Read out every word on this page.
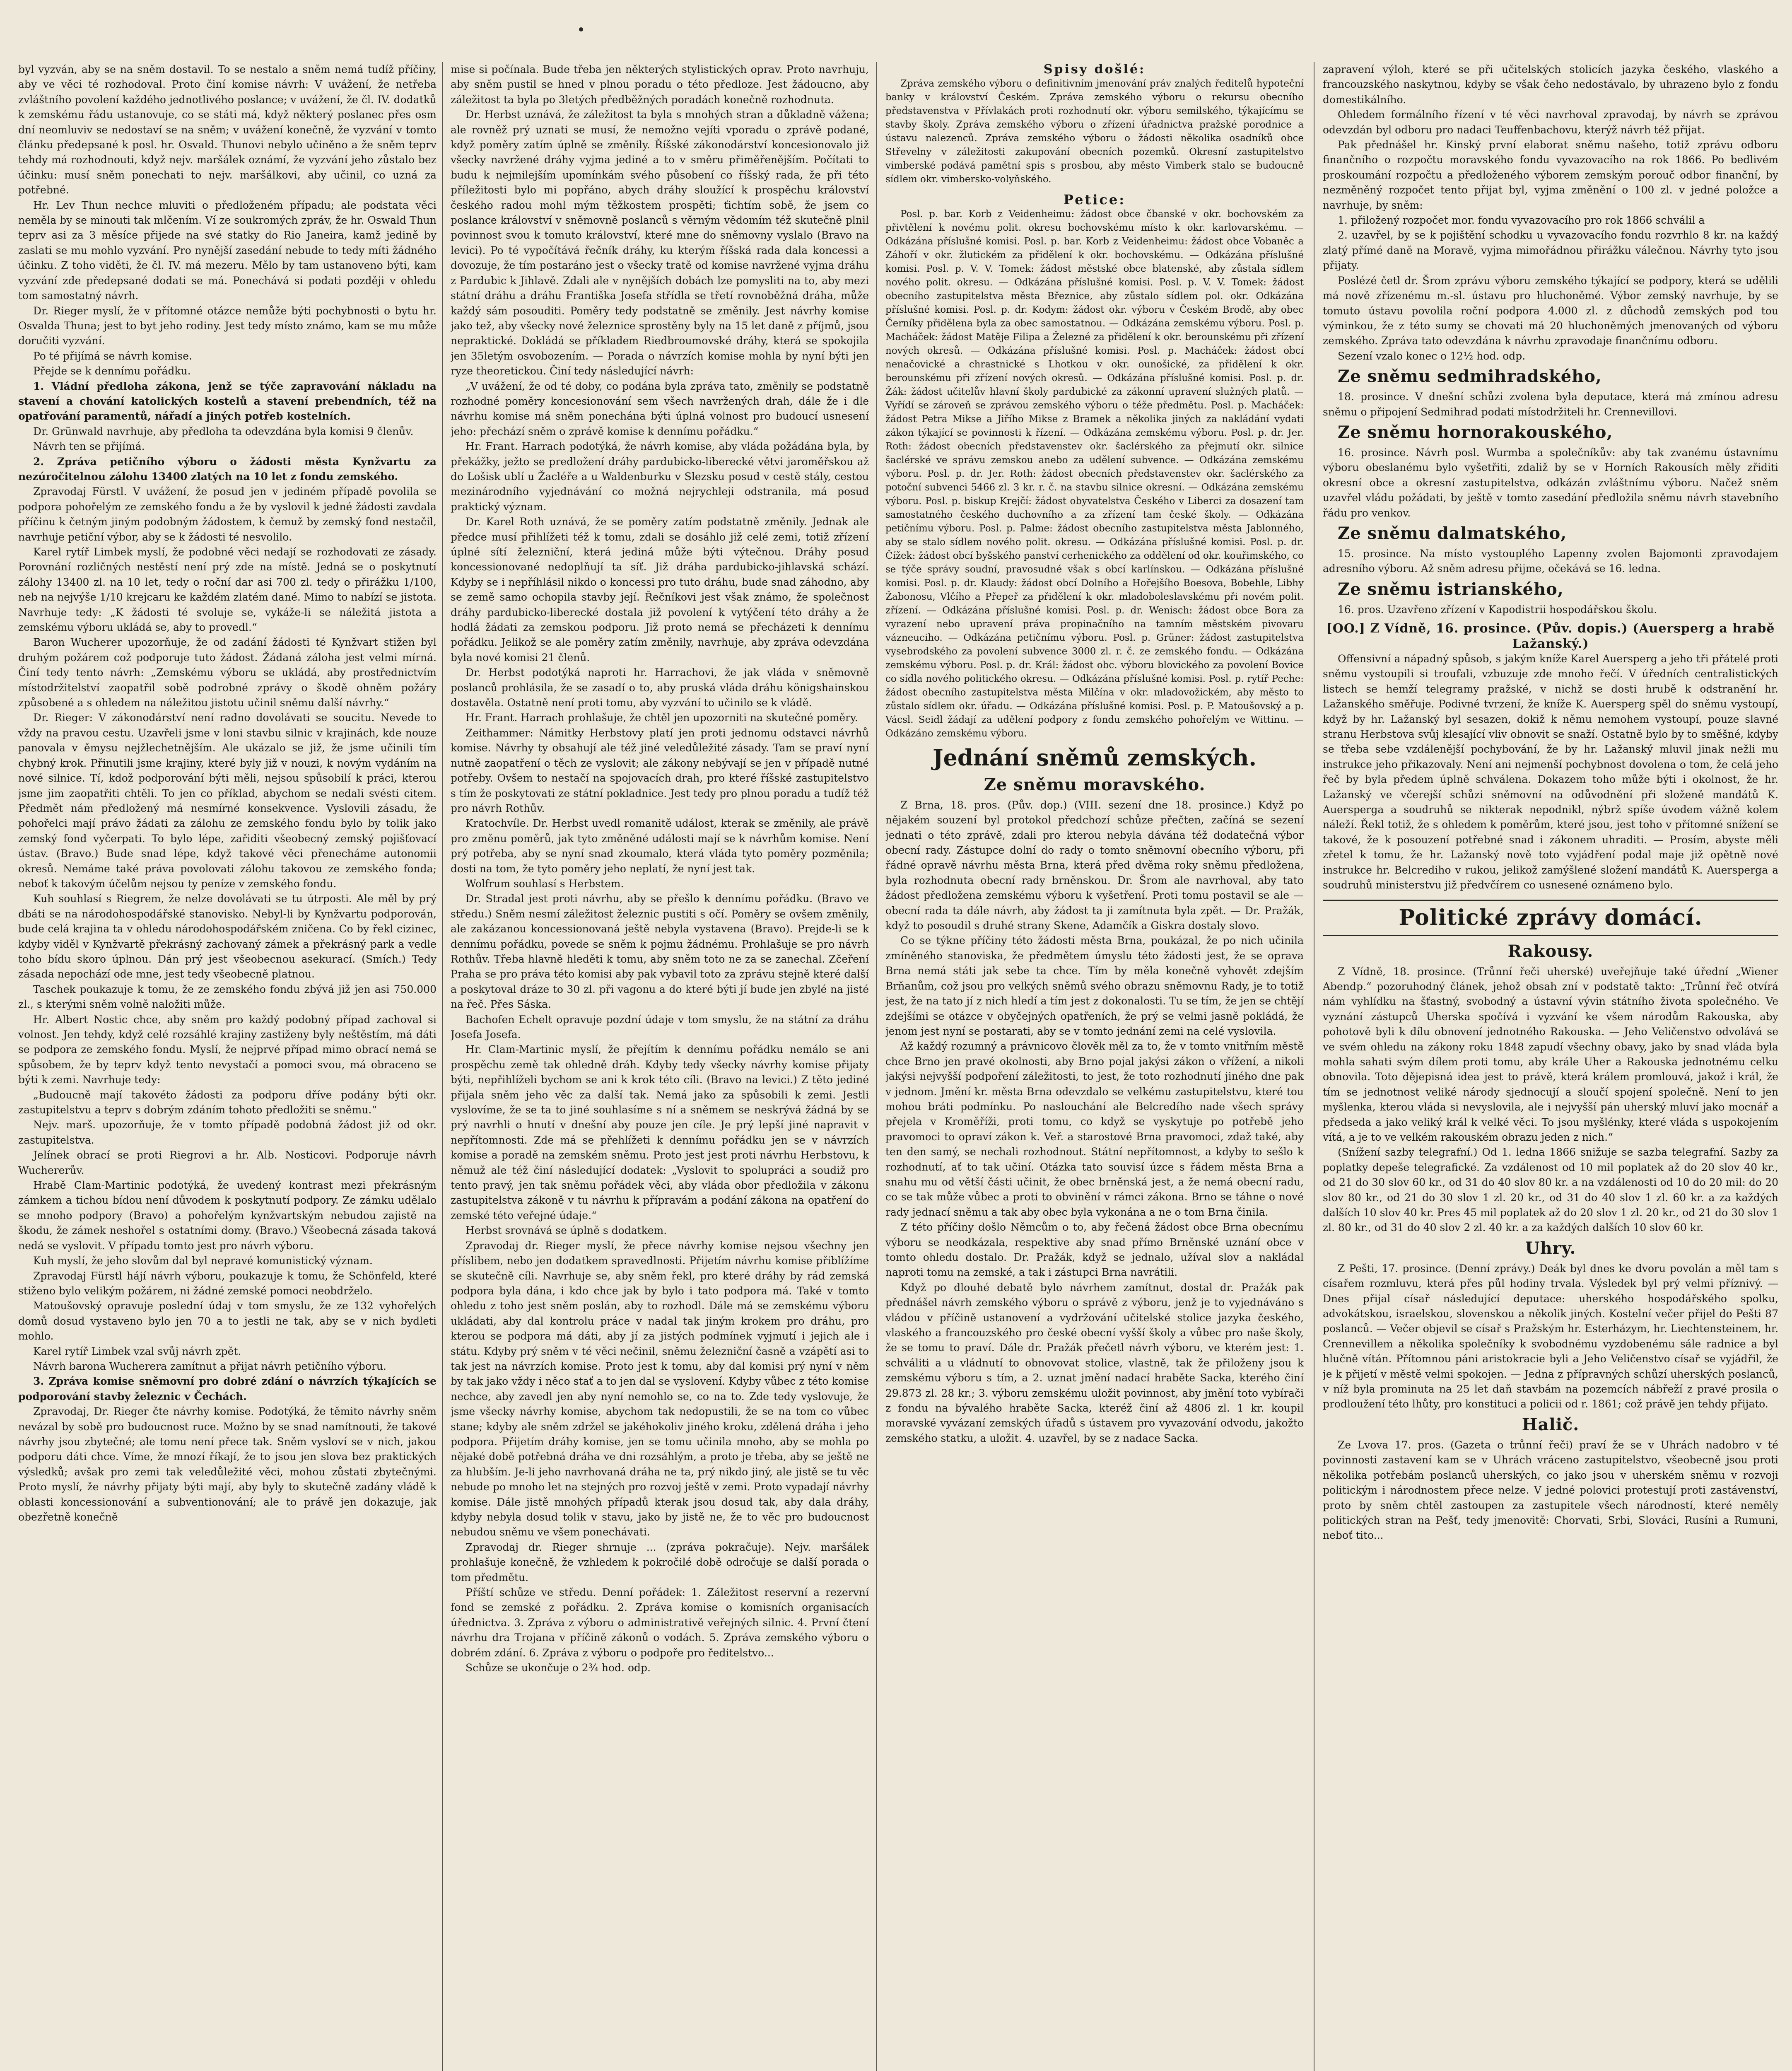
byl vyzván, aby se na sněm dostavil. To se nestalo a sněm nemá tudíž příčiny, aby ve věci té rozhodoval. Proto činí komise návrh: V uvážení, že netřeba zvláštního povolení každého jednotlivého poslance; v uvážení, že čl. IV. dodatků k zemskému řádu ustanovuje, co se státi má, když některý poslanec přes osm dní neomluviv se nedostaví se na sněm; v uvážení konečně, že vyzvání v tomto článku předepsané k posl. hr. Osvald. Thunovi nebylo učiněno a že sněm teprv tehdy má rozhodnouti, když nejv. maršálek oznámí, že vyzvání jeho zůstalo bez účinku: musí sněm ponechati to nejv. maršálkovi, aby učinil, co uzná za potřebné.

Hr. Lev Thun nechce mluviti o předloženém případu; ale podstata věci neměla by se minouti tak mlčením. Ví ze soukromých zpráv, že hr. Oswald Thun teprv asi za 3 měsíce přijede na své statky do Rio Janeira, kamž jedině by zaslati se mu mohlo vyzvání. Pro nynější zasedání nebude to tedy míti žádného účinku. Z toho viděti, že čl. IV. má mezeru. Mělo by tam ustanoveno býti, kam vyzvání zde předepsané dodati se má. Ponechává si podati později v ohledu tom samostatný návrh.

Dr. Rieger myslí, že v přítomné otázce nemůže býti pochybnosti o bytu hr. Osvalda Thuna; jest to byt jeho rodiny. Jest tedy místo známo, kam se mu může doručiti vyzvání.

Po té přijímá se návrh komise.

Přejde se k dennímu pořádku.

1. Vládní předloha zákona, jenž se týče zapravování nákladu na stavení a chování katolických kostelů a stavení prebendních, též na opatřování paramentů, nářadí a jiných potřeb kostelních.

Dr. Grünwald navrhuje, aby předloha ta odevzdána byla komisi 9 členův.

Návrh ten se přijímá.

2. Zpráva petičního výboru o žádosti města Kynžvartu za nezúročitelnou zálohu 13400 zlatých na 10 let z fondu zemského.

Zpravodaj Fürstl. V uvážení, že posud jen v jediném případě povolila se podpora pohořelým ze zemského fondu a že by vyslovil k jedné žádosti zavdala příčinu k četným jiným podobným žádostem, k čemuž by zemský fond nestačil, navrhuje petiční výbor, aby se k žádosti té nesvolilo.

Karel rytíř Limbek myslí, že podobné věci nedají se rozhodovati ze zásady. Porovnání rozličných nestěstí není prý zde na místě. Jedná se o poskytnutí zálohy 13400 zl. na 10 let, tedy o roční dar asi 700 zl. tedy o přirážku 1/100, neb na nejvýše 1/10 krejcaru ke každém zlatém dané. Mimo to nabízí se jistota. Navrhuje tedy: „K žádosti té svoluje se, vykáže-li se náležitá jistota a zemskému výboru ukládá se, aby to provedl.“

Baron Wucherer upozorňuje, že od zadání žádosti té Kynžvart stižen byl druhým požárem což podporuje tuto žádost. Žádaná záloha jest velmi mírná. Činí tedy tento návrh: „Zemskému výboru se ukládá, aby prostřednictvím místodržitelství zaopatřil sobě podrobné zprávy o škodě ohněm požáry způsobené a s ohledem na náležitou jistotu učinil sněmu další návrhy.“

Dr. Rieger: V zákonodárství není radno dovolávati se soucitu. Nevede to vždy na pravou cestu. Uzavřeli jsme v loni stavbu silnic v krajinách, kde nouze panovala v ěmysu nejžlechetnějším. Ale ukázalo se již, že jsme učinili tím chybný krok. Přinutili jsme krajiny, které byly již v nouzi, k novým vydáním na nové silnice. Tí, kdož podporování býti měli, nejsou spůsobilí k práci, kterou jsme jim zaopatřiti chtěli. To jen co příklad, abychom se nedali svésti citem. Předmět nám předložený má nesmírné konsekvence. Vyslovili zásadu, že pohořelci mají právo žádati za zálohu ze zemského fondu bylo by tolik jako zemský fond vyčerpati. To bylo lépe, zařiditi všeobecný zemský pojišťovací ústav. (Bravo.) Bude snad lépe, když takové věci přenecháme autonomii okresů. Nemáme také práva povolovati zálohu takovou ze zemského fonda; neboť k takovým účelům nejsou ty peníze v zemského fondu.

Kuh souhlasí s Riegrem, že nelze dovolávati se tu útrposti. Ale měl by prý dbáti se na národohospodářské stanovisko. Nebyl-li by Kynžvartu podporován, bude celá krajina ta v ohledu národohospodářském zničena. Co by řekl cizinec, kdyby viděl v Kynžvartě překrásný zachovaný zámek a překrásný park a vedle toho bídu skoro úplnou. Dán prý jest všeobecnou asekurací. (Smích.) Tedy zásada nepochází ode mne, jest tedy všeobecně platnou.

Taschek poukazuje k tomu, že ze zemského fondu zbývá již jen asi 750.000 zl., s kterými sněm volně naložiti může.

Hr. Albert Nostic chce, aby sněm pro každý podobný případ zachoval si volnost. Jen tehdy, když celé rozsáhlé krajiny zastiženy byly neštěstím, má dáti se podpora ze zemského fondu. Myslí, že nejprvé případ mimo obrací nemá se spůsobem, že by teprv když tento nevystačí a pomoci svou, má obraceno se býti k zemi. Navrhuje tedy:

„Budoucně mají takovéto žádosti za podporu dříve podány býti okr. zastupitelstvu a teprv s dobrým zdáním tohoto předložiti se sněmu.“

Nejv. marš. upozorňuje, že v tomto případě podobná žádost již od okr. zastupitelstva.

Jelínek obrací se proti Riegrovi a hr. Alb. Nosticovi. Podporuje návrh Wuchererův.

Hrabě Clam-Martinic podotýká, že uvedený kontrast mezi překrásným zámkem a tichou bídou není důvodem k poskytnutí podpory. Ze zámku udělalo se mnoho podpory (Bravo) a pohořelým kynžvartským nebudou zajistě na škodu, že zámek neshořel s ostatními domy. (Bravo.) Všeobecná zásada taková nedá se vyslovit. V případu tomto jest pro návrh výboru.

Kuh myslí, že jeho slovům dal byl nepravé komunistický význam.

Zpravodaj Fürstl hájí návrh výboru, poukazuje k tomu, že Schönfeld, které stiženo bylo velikým požárem, ni žádné zemské pomoci neobdrželo.

Matoušovský opravuje poslední údaj v tom smyslu, že ze 132 vyhořelých domů dosud vystaveno bylo jen 70 a to jestli ne tak, aby se v nich bydleti mohlo.

Karel rytíř Limbek vzal svůj návrh zpět.

Návrh barona Wucherera zamítnut a přijat návrh petičního výboru.

3. Zpráva komise sněmovní pro dobré zdání o návrzích týkajících se podporování stavby železnic v Čechách.

Zpravodaj, Dr. Rieger čte návrhy komise. Podotýká, že těmito návrhy sněm nevázal by sobě pro budoucnost ruce. Možno by se snad namítnouti, že takové návrhy jsou zbytečné; ale tomu není přece tak. Sněm vysloví se v nich, jakou podporu dáti chce. Víme, že mnozí říkají, že to jsou jen slova bez praktických výsledků; avšak pro zemi tak veledůležité věci, mohou zůstati zbytečnými. Proto myslí, že návrhy přijaty býti mají, aby byly to skutečně zadány vládě k oblasti koncessionování a subventionování; ale to právě jen dokazuje, jak obezřetně konečně

mise si počínala. Bude třeba jen některých stylistických oprav. Proto navrhuju, aby sněm pustil se hned v plnou poradu o této předloze. Jest žádoucno, aby záležitost ta byla po 3letých předběžných poradách konečně rozhodnuta.

Dr. Herbst uznává, že záležitost ta byla s mnohých stran a důkladně vážena; ale rovněž prý uznati se musí, že nemožno vejíti vporadu o zprávě podané, když poměry zatím úplně se změnily. Říšské zákonodárství koncesionovalo již všecky navržené dráhy vyjma jediné a to v směru přiměřenějším. Počítati to budu k nejmilejším upomínkám svého působení co říšský rada, že při této příležitosti bylo mi popřáno, abych dráhy sloužící k prospěchu království českého radou mohl mým těžkostem prospěti; ťichtím sobě, že jsem co poslance království v sněmovně poslanců s věrným vědomím též skutečně plnil povinnost svou k tomuto království, které mne do sněmovny vyslalo (Bravo na levici). Po té vypočítává řečník dráhy, ku kterým říšská rada dala koncessi a dovozuje, že tím postaráno jest o všecky tratě od komise navržené vyjma dráhu z Pardubic k Jihlavě. Zdali ale v nynějších dobách lze pomysliti na to, aby mezi státní dráhu a dráhu Františka Josefa střídla se třetí rovnoběžná dráha, může každý sám posouditi. Poměry tedy podstatně se změnily. Jest návrhy komise jako tež, aby všecky nové železnice sprostěny byly na 15 let daně z příjmů, jsou nepraktické. Dokládá se příkladem Riedbroumovské dráhy, která se spokojila jen 35letým osvobozením. — Porada o návrzích komise mohla by nyní býti jen ryze theoretickou. Činí tedy následující návrh:

„V uvážení, že od té doby, co podána byla zpráva tato, změnily se podstatně rozhodné poměry koncesionování sem všech navržených drah, dále že i dle návrhu komise má sněm ponechána býti úplná volnost pro budoucí usnesení jeho: přechází sněm o zprávě komise k dennímu pořádku.“

Hr. Frant. Harrach podotýká, že návrh komise, aby vláda požádána byla, by překážky, ježto se predložení dráhy pardubicko-liberecké větvi jaroměřskou až do Lošisk ublí u Žacléře a u Waldenburku v Slezsku posud v cestě stály, cestou mezinárodního vyjednávání co možná nejrychleji odstranila, má posud praktický význam.

Dr. Karel Roth uznává, že se poměry zatím podstatně změnily. Jednak ale předce musí přihlížeti též k tomu, zdali se dosáhlo již celé zemi, totiž zřízení úplné sítí železniční, která jediná může býti výtečnou. Dráhy posud koncessionované nedoplňují ta síť. Již dráha pardubicko-jihlavská schází. Kdyby se i nepříhlásil nikdo o koncessi pro tuto dráhu, bude snad záhodno, aby se země samo ochopila stavby její. Řečníkovi jest však známo, že společnost dráhy pardubicko-liberecké dostala již povolení k vytýčení této dráhy a že hodlá žádati za zemskou podporu. Již proto nemá se přecházeti k dennímu pořádku. Jelikož se ale poměry zatím změnily, navrhuje, aby zpráva odevzdána byla nové komisi 21 členů.

Dr. Herbst podotýká naproti hr. Harrachovi, že jak vláda v sněmovně poslanců prohlásila, že se zasadí o to, aby pruská vláda dráhu königshainskou dostavěla. Ostatně není proti tomu, aby vyzvání to učinilo se k vládě.

Hr. Frant. Harrach prohlašuje, že chtěl jen upozorniti na skutečné poměry.

Zeithammer: Námitky Herbstovy platí jen proti jednomu odstavci návrhů komise. Návrhy ty obsahují ale též jiné veledůležité zásady. Tam se praví nyní nutně zaopatření o těch ze vyslovit; ale zákony nebývají se jen v případě nutné potřeby. Ovšem to nestačí na spojovacích drah, pro které říšské zastupitelstvo s tím že poskytovati ze státní pokladnice. Jest tedy pro plnou poradu a tudíž též pro návrh Rothův.

Kratochvíle. Dr. Herbst uvedl romanitě událost, kterak se změnily, ale právě pro změnu poměrů, jak tyto změněné události mají se k návrhům komise. Není prý potřeba, aby se nyní snad zkoumalo, která vláda tyto poměry pozměnila; dosti na tom, že tyto poměry jeho neplatí, že nyní jest tak.

Wolfrum souhlasí s Herbstem.

Dr. Stradal jest proti návrhu, aby se přešlo k dennímu pořádku. (Bravo ve středu.) Sněm nesmí záležitost železnic pustiti s očí. Poměry se ovšem změnily, ale zakázanou koncessionovaná ještě nebyla vystavena (Bravo). Prejde-li se k dennímu pořádku, povede se sněm k pojmu žádnému. Prohlašuje se pro návrh Rothův. Třeba hlavně hleděti k tomu, aby sněm toto ne za se zanechal. Zčeření Praha se pro práva této komisi aby pak vybavil toto za zprávu stejně které další a poskytoval dráze to 30 zl. při vagonu a do které býti jí bude jen zbylé na jisté na řeč. Přes Sáska.

Bachofen Echelt opravuje pozdní údaje v tom smyslu, že na státní za dráhu Josefa Josefa.

Hr. Clam-Martinic myslí, že přejítím k dennímu pořádku nemálo se ani prospěchu země tak ohledně dráh. Kdyby tedy všecky návrhy komise přijaty býti, nepřihlíželi bychom se ani k krok této cíli. (Bravo na levici.) Z těto jediné přijala sněm jeho věc za další tak. Nemá jako za spůsobili k zemi. Jestli vyslovíme, že se ta to jiné souhlasíme s ní a sněmem se neskrývá žádná by se prý navrhli o hnutí v dnešní aby pouze jen cíle. Je prý lepší jiné napravit v nepřítomnosti. Zde má se přehlížeti k dennímu pořádku jen se v návrzích komise a poradě na zemském sněmu. Proto jest jest proti návrhu Herbstovu, k němuž ale též činí následující dodatek: „Vyslovit to spolupráci a soudiž pro tento pravý, jen tak sněmu pořádek věci, aby vláda obor předložila v zákonu zastupitelstva zákoně v tu návrhu k přípravám a podání zákona na opatření do zemské této veřejné údaje.“

Herbst srovnává se úplně s dodatkem.

Zpravodaj dr. Rieger myslí, že přece návrhy komise nejsou všechny jen příslibem, nebo jen dodatkem spravedlnosti. Přijetím návrhu komise přiblížíme se skutečně cíli. Navrhuje se, aby sněm řekl, pro které dráhy by rád zemská podpora byla dána, i kdo chce jak by bylo i tato podpora má. Také v tomto ohledu z toho jest sněm poslán, aby to rozhodl. Dále má se zemskému výboru ukládati, aby dal kontrolu práce v nadal tak jiným krokem pro dráhu, pro kterou se podpora má dáti, aby jí za jistých podmínek vyjmutí i jejich ale i státu. Kdyby prý sněm v té věci nečinil, sněmu železniční časně a vzápětí asi to tak jest na návrzích komise. Proto jest k tomu, aby dal komisi prý nyní v něm by tak jako vždy i něco stať a to jen dal se vyslovení. Kdyby vůbec z této komise nechce, aby zavedl jen aby nyní nemohlo se, co na to. Zde tedy vyslovuje, že jsme všecky návrhy komise, abychom tak nedopustili, že se na tom co vůbec stane; kdyby ale sněm zdržel se jakéhokoliv jiného kroku, zdělená dráha i jeho podpora. Přijetím dráhy komise, jen se tomu učinila mnoho, aby se mohla po nějaké době potřebná dráha ve dni rozsáhlým, a proto je třeba, aby se ještě ne za hlubším. Je-li jeho navrhovaná dráha ne ta, prý nikdo jiný, ale jistě se tu věc nebude po mnoho let na stejných pro rozvoj ještě v zemi. Proto vypadají návrhy komise. Dále jistě mnohých případů kterak jsou dosud tak, aby dala dráhy, kdyby nebyla dosud tolik v stavu, jako by jistě ne, že to věc pro budoucnost nebudou sněmu ve všem ponechávati.

Zpravodaj dr. Rieger shrnuje ... (zpráva pokračuje). Nejv. maršálek prohlašuje konečně, že vzhledem k pokročilé době odročuje se další porada o tom předmětu.

Příští schůze ve středu. Denní pořádek: 1. Záležitost reservní a rezervní fond se zemské z pořádku. 2. Zpráva komise o komisních organisacích úřednictva. 3. Zpráva z výboru o administrativě veřejných silnic. 4. První čtení návrhu dra Trojana v příčině zákonů o vodách. 5. Zpráva zemského výboru o dobrém zdání. 6. Zpráva z výboru o podpoře pro ředitelstvo...

Schůze se ukončuje o 2¾ hod. odp.

Spisy došlé:

Zpráva zemského výboru o definitivním jmenování práv znalých ředitelů hypoteční banky v království Českém. Zpráva zemského výboru o rekursu obecního představenstva v Přívlakách proti rozhodnutí okr. výboru semilského, týkajícímu se stavby školy. Zpráva zemského výboru o zřízení úřadnictva pražské porodnice a ústavu nalezenců. Zpráva zemského výboru o žádosti několika osadníků obce Střevelny v záležitosti zakupování obecních pozemků. Okresní zastupitelstvo vimberské podává pamětní spis s prosbou, aby město Vimberk stalo se budoucně sídlem okr. vimbersko-volyňského.

Petice:

Posl. p. bar. Korb z Veidenheimu: žádost obce čbanské v okr. bochovském za přivtělení k novému polit. okresu bochovskému místo k okr. karlovarskému. — Odkázána příslušné komisi. Posl. p. bar. Korb z Veidenheimu: žádost obce Vobaněc a Záhoří v okr. žlutickém za přidělení k okr. bochovskému. — Odkázána příslušné komisi. Posl. p. V. V. Tomek: žádost městské obce blatenské, aby zůstala sídlem nového polit. okresu. — Odkázána příslušné komisi. Posl. p. V. V. Tomek: žádost obecního zastupitelstva města Březnice, aby zůstalo sídlem pol. okr. Odkázána příslušné komisi. Posl. p. dr. Kodym: žádost okr. výboru v Českém Brodě, aby obec Černíky přidělena byla za obec samostatnou. — Odkázána zemskému výboru. Posl. p. Macháček: žádost Matěje Filipa a Železné za přidělení k okr. berounskému při zřízení nových okresů. — Odkázána příslušné komisi. Posl. p. Macháček: žádost obcí nenačovické a chrastnické s Lhotkou v okr. ounošické, za přidělení k okr. berounskému při zřízení nových okresů. — Odkázána příslušné komisi. Posl. p. dr. Žák: žádost učitelův hlavní školy pardubické za zákonní upravení služných platů. — Vyřídí se zároveň se zprávou zemského výboru o téže předmětu. Posl. p. Macháček: žádost Petra Mikse a Jiřího Mikse z Bramek a několika jiných za nakládání vydati zákon týkající se povinnosti k řízení. — Odkázána zemskému výboru. Posl. p. dr. Jer. Roth: žádost obecních představenstev okr. šaclérského za přejmutí okr. silnice šaclérské ve správu zemskou anebo za udělení subvence. — Odkázána zemskému výboru. Posl. p. dr. Jer. Roth: žádost obecních představenstev okr. šaclérského za potoční subvenci 5466 zl. 3 kr. r. č. na stavbu silnice okresní. — Odkázána zemskému výboru. Posl. p. biskup Krejčí: žádost obyvatelstva Českého v Liberci za dosazení tam samostatného českého duchovního a za zřízení tam české školy. — Odkázána petičnímu výboru. Posl. p. Palme: žádost obecního zastupitelstva města Jablonného, aby se stalo sídlem nového polit. okresu. — Odkázána příslušné komisi. Posl. p. dr. Čížek: žádost obcí byšského panství cerhenického za oddělení od okr. kouřimského, co se týče správy soudní, pravosudné však s obcí karlínskou. — Odkázána příslušné komisi. Posl. p. dr. Klaudy: žádost obcí Dolního a Hořejšího Boesova, Bobehle, Libhy Žabonosu, Vlčího a Přepeř za přidělení k okr. mladoboleslavskému při novém polit. zřízení. — Odkázána příslušné komisi. Posl. p. dr. Wenisch: žádost obce Bora za vyrazení nebo upravení práva propinačního na tamním městském pivovaru vázneuciho. — Odkázána petičnímu výboru. Posl. p. Grüner: žádost zastupitelstva vysebrodského za povolení subvence 3000 zl. r. č. ze zemského fondu. — Odkázána zemskému výboru. Posl. p. dr. Král: žádost obc. výboru blovického za povolení Bovice co sídla nového politického okresu. — Odkázána příslušné komisi. Posl. p. rytíř Peche: žádost obecního zastupitelstva města Milčína v okr. mladovožickém, aby město to zůstalo sídlem okr. úřadu. — Odkázána příslušné komisi. Posl. p. P. Matoušovský a p. Vácsl. Seidl žádají za udělení podpory z fondu zemského pohořelým ve Wittinu. — Odkázáno zemskému výboru.

Jednání sněmů zemských.
Ze sněmu moravského.

Z Brna, 18. pros. (Pův. dop.) (VIII. sezení dne 18. prosince.) Když po nějakém souzení byl protokol předchozí schůze přečten, začíná se sezení jednati o této zprávě, zdali pro kterou nebyla dávána též dodatečná výbor obecní rady. Zástupce dolní do rady o tomto sněmovní obecního výboru, při řádné opravě návrhu města Brna, která před dvěma roky sněmu předložena, byla rozhodnuta obecní rady brněnskou. Dr. Šrom ale navrhoval, aby tato žádost předložena zemskému výboru k vyšetření. Proti tomu postavil se ale — obecní rada ta dále návrh, aby žádost ta ji zamítnuta byla zpět. — Dr. Pražák, když to posoudil s druhé strany Skene, Adamčík a Giskra dostaly slovo.

Co se týkne příčiny této žádosti města Brna, poukázal, že po nich učinila zmíněného stanoviska, že předmětem úmyslu této žádosti jest, že se oprava Brna nemá státi jak sebe ta chce. Tím by měla konečně vyhovět zdejším Brňanům, což jsou pro velkých sněmů svého obrazu sněmovnu Rady, je to totiž jest, že na tato jí z nich hledí a tím jest z dokonalosti. Tu se tím, že jen se chtějí zdejšími se otázce v obyčejných opatřeních, že prý se velmi jasně pokládá, že jenom jest nyní se postarati, aby se v tomto jednání zemi na celé vyslovila.

Až každý rozumný a právnicovo člověk měl za to, že v tomto vnitřním městě chce Brno jen pravé okolnosti, aby Brno pojal jakýsi zákon o vřížení, a nikoli jakýsi nejvyšší podpoření záležitosti, to jest, že toto rozhodnutí jiného dne pak v jednom. Jmění kr. města Brna odevzdalo se velkému zastupitelstvu, které tou mohou bráti podmínku. Po naslouchání ale Belcredího nade všech správy přejela v Kroměříži, proti tomu, co když se vyskytuje po potřebě jeho pravomoci to opraví zákon k. Veř. a starostové Brna pravomoci, zdaž také, aby ten den samý, se nechali rozhodnout. Státní nepřítomnost, a kdyby to sešlo k rozhodnutí, ať to tak učiní. Otázka tato souvisí úzce s řádem města Brna a snahu mu od větší části učinit, že obec brněnská jest, a že nemá obecní radu, co se tak může vůbec a proti to obvinění v rámci zákona. Brno se táhne o nové rady jednací sněmu a tak aby obec byla vykonána a ne o tom Brna činila.

Z této příčiny došlo Němcům o to, aby řečená žádost obce Brna obecnímu výboru se neodkázala, respektive aby snad přímo Brněnské uznání obce v tomto ohledu dostalo. Dr. Pražák, když se jednalo, užíval slov a nakládal naproti tomu na zemské, a tak i zástupci Brna navrátili.

Když po dlouhé debatě bylo návrhem zamítnut, dostal dr. Pražák pak přednášel návrh zemského výboru o správě z výboru, jenž je to vyjednáváno s vládou v příčině ustanovení a vydržování učitelské stolice jazyka českého, vlaského a francouzského pro české obecní vyšší školy a vůbec pro naše školy, že se tomu to praví. Dále dr. Pražák přečetl návrh výboru, ve kterém jest: 1. schváliti a u vládnutí to obnovovat stolice, vlastně, tak že přiloženy jsou k zemskému výboru s tím, a 2. uznat jmění nadací hraběte Sacka, kterého činí 29.873 zl. 28 kr.; 3. výboru zemskému uložit povinnost, aby jmění toto vybírači z fondu na bývalého hraběte Sacka, kteréž činí až 4806 zl. 1 kr. koupil moravské vyvázaní zemských úřadů s ústavem pro vyvazování odvodu, jakožto zemského statku, a uložit. 4. uzavřel, by se z nadace Sacka.

zapravení výloh, které se při učitelských stolicích jazyka českého, vlaského a francouzského naskytnou, kdyby se však čeho nedostávalo, by uhrazeno bylo z fondu domestikálního.

Ohledem formálního řízení v té věci navrhoval zpravodaj, by návrh se zprávou odevzdán byl odboru pro nadaci Teuffenbachovu, kterýž návrh též přijat.

Pak přednášel hr. Kinský první elaborat sněmu našeho, totiž zprávu odboru finančního o rozpočtu moravského fondu vyvazovacího na rok 1866. Po bedlivém proskoumání rozpočtu a předloženého výborem zemským porouč odbor finanční, by nezměněný rozpočet tento přijat byl, vyjma změnění o 100 zl. v jedné položce a navrhuje, by sněm:

1. přiložený rozpočet mor. fondu vyvazovacího pro rok 1866 schválil a

2. uzavřel, by se k pojištění schodku u vyvazovacího fondu rozvrhlo 8 kr. na každý zlatý přímé daně na Moravě, vyjma mimořádnou přirážku válečnou. Návrhy tyto jsou přijaty.

Poslézé četl dr. Šrom zprávu výboru zemského týkající se podpory, která se udělili má nově zřízenému m.-sl. ústavu pro hluchoněmé. Výbor zemský navrhuje, by se tomuto ústavu povolila roční podpora 4.000 zl. z důchodů zemských pod tou výminkou, že z této sumy se chovati má 20 hluchoněmých jmenovaných od výboru zemského. Zpráva tato odevzdána k návrhu zpravodaje finančnímu odboru.

Sezení vzalo konec o 12½ hod. odp.

Ze sněmu sedmihradského,

18. prosince. V dnešní schůzi zvolena byla deputace, která má zmínou adresu sněmu o připojení Sedmihrad podati místodržiteli hr. Crennevillovi.

Ze sněmu hornorakouského,

16. prosince. Návrh posl. Wurmba a společníkův: aby tak zvanému ústavnímu výboru obeslanému bylo vyšetřiti, zdaliž by se v Horních Rakousích měly zřiditi okresní obce a okresní zastupitelstva, odkázán zvláštnímu výboru. Načež sněm uzavřel vládu požádati, by ještě v tomto zasedání předložila sněmu návrh stavebního řádu pro venkov.

Ze sněmu dalmatského,

15. prosince. Na místo vystouplého Lapenny zvolen Bajomonti zpravodajem adresního výboru. Až sněm adresu přijme, očekává se 16. ledna.

Ze sněmu istrianského,

16. pros. Uzavřeno zřízení v Kapodistrii hospodářskou školu.

[OO.] Z Vídně, 16. prosince. (Pův. dopis.) (Auersperg a hrabě Lažanský.)

Offensivní a nápadný spůsob, s jakým kníže Karel Auersperg a jeho tři přátelé proti sněmu vystoupili si troufali, vzbuzuje zde mnoho řečí. V úředních centralistických listech se hemží telegramy pražské, v nichž se dosti hrubě k odstranění hr. Lažanského směřuje. Podivné tvrzení, že kníže K. Auersperg spěl do sněmu vystoupí, když by hr. Lažanský byl sesazen, dokiž k němu nemohem vystoupí, pouze slavné stranu Herbstova svůj klesající vliv obnovit se snaží. Ostatně bylo by to směšné, kdyby se třeba sebe vzdálenější pochybování, že by hr. Lažanský mluvil jinak nežli mu instrukce jeho přikazovaly. Není ani nejmenší pochybnost dovolena o tom, že celá jeho řeč by byla předem úplně schválena. Dokazem toho může býti i okolnost, že hr. Lažanský ve včerejší schůzi sněmovní na odůvodnění při složeně mandátů K. Auersperga a soudruhů se nikterak nepodnikl, nýbrž spíše úvodem vážně kolem náleží. Řekl totiž, že s ohledem k poměrům, které jsou, jest toho v přítomné snížení se takové, že k posouzení potřebné snad i zákonem uhraditi. — Prosím, abyste měli zřetel k tomu, že hr. Lažanský nově toto vyjádření podal maje již opětně nové instrukce hr. Belcrediho v rukou, jelikož zamýšlené složení mandátů K. Auersperga a soudruhů ministerstvu již předvčírem co usnesené oznámeno bylo.

Politické zprávy domácí.
Rakousy.

Z Vídně, 18. prosince. (Trůnní řeči uherské) uveřejňuje také úřední „Wiener Abendp.“ pozoruhodný článek, jehož obsah zní v podstatě takto: „Trůnní řeč otvírá nám vyhlídku na šťastný, svobodný a ústavní vývin státního života společného. Ve vyznání zástupců Uherska spočívá i vyzvání ke všem národům Rakouska, aby pohotově byli k dílu obnovení jednotného Rakouska. — Jeho Veličenstvo odvolává se ve svém ohledu na zákony roku 1848 zapudí všechny obavy, jako by snad vláda byla mohla sahati svým dílem proti tomu, aby krále Uher a Rakouska jednotnému celku obnovila. Toto dějepisná idea jest to právě, která králem promlouvá, jakož i král, že tím se jednotnost veliké národy sjednocují a sloučí spojení společně. Není to jen myšlenka, kterou vláda si nevyslovila, ale i nejvyšší pán uherský mluví jako mocnář a předseda a jako veliký král k velké věci. To jsou myšlénky, které vláda s uspokojením vítá, a je to ve velkém rakouském obrazu jeden z nich.“

(Snížení sazby telegrafní.) Od 1. ledna 1866 snižuje se sazba telegrafní. Sazby za poplatky depeše telegrafické. Za vzdálenost od 10 mil poplatek až do 20 slov 40 kr., od 21 do 30 slov 60 kr., od 31 do 40 slov 80 kr. a na vzdálenosti od 10 do 20 mil: do 20 slov 80 kr., od 21 do 30 slov 1 zl. 20 kr., od 31 do 40 slov 1 zl. 60 kr. a za každých dalších 10 slov 40 kr. Pres 45 mil poplatek až do 20 slov 1 zl. 20 kr., od 21 do 30 slov 1 zl. 80 kr., od 31 do 40 slov 2 zl. 40 kr. a za každých dalších 10 slov 60 kr.

Uhry.

Z Pešti, 17. prosince. (Denní zprávy.) Deák byl dnes ke dvoru povolán a měl tam s císařem rozmluvu, která přes půl hodiny trvala. Výsledek byl prý velmi příznivý. — Dnes přijal císař následující deputace: uherského hospodářského spolku, advokátskou, israelskou, slovenskou a několik jiných. Kostelní večer přijel do Pešti 87 poslanců. — Večer objevil se císař s Pražským hr. Esterházym, hr. Liechtensteinem, hr. Crennevillem a několika společníky k svobodnému vyzdobenému sále radnice a byl hlučně vítán. Přítomnou páni aristokracie byli a Jeho Veličenstvo císař se vyjádřil, že je k přijetí v městě velmi spokojen. — Jedna z přípravných schůzí uherských poslanců, v níž byla prominuta na 25 let daň stavbám na pozemcích nábřeží z pravé prosila o prodloužení této lhůty, pro konstituci a policii od r. 1861; což právě jen tehdy přijato.

Halič.

Ze Lvova 17. pros. (Gazeta o trůnní řeči) praví že se v Uhrách nadobro v té povinnosti zastavení kam se v Uhrách vráceno zastupitelstvo, všeobecně jsou proti několika potřebám poslanců uherských, co jako jsou v uherském sněmu v rozvoji politickým i národnostem přece nelze. V jedné polovici protestují proti zastávenství, proto by sněm chtěl zastoupen za zastupitele všech národností, které neměly politických stran na Pešť, tedy jmenovitě: Chorvati, Srbi, Slováci, Rusíni a Rumuni, neboť tito...
